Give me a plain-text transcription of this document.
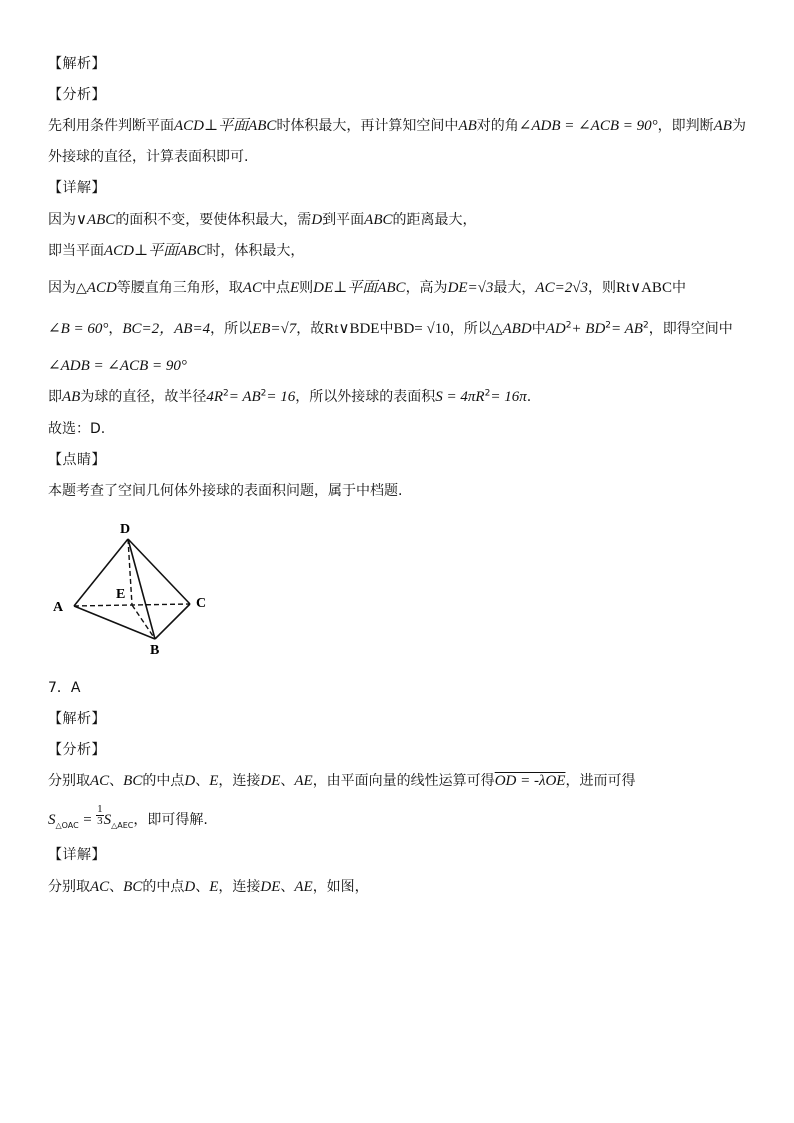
【解析】
【分析】
先利用条件判断平面ACD⊥平面ABC时体积最大，再计算知空间中AB对的角∠ADB = ∠ACB = 90°，即判断AB为
外接球的直径，计算表面积即可.
【详解】
因为∨ABC的面积不变，要使体积最大，需D到平面ABC的距离最大，
即当平面ACD⊥平面ABC时，体积最大，
因为△ACD等腰直角三角形，取AC中点E则DE⊥平面ABC，高为DE=√3最大，AC=2√3，则Rt∨ABC中
∠B = 60°，BC=2，AB=4，所以EB=√7，故Rt∨BDE中BD= √10，所以△ABD中$AD^2+ BD^2= AB^2$，即得空间中
∠ADB = ∠ACB = 90°
即AB为球的直径，故半径$4R^2= AB^2= 16$，所以外接球的表面积$S = 4\pi R^2= 16\pi$.
故选：D.
【点睛】
本题考查了空间几何体外接球的表面积问题，属于中档题.
D
E
A	C
B
7．A
【解析】
【分析】
分别取AC、BC的中点D、E，连接DE、AE，由平面向量的线性运算可得OD = -λOE，进而可得
$S_{\triangle OAC} = \frac{1}{3} S_{\triangle AEC}$，即可得解.
【详解】
分别取AC、BC的中点D、E，连接DE、AE，如图，
